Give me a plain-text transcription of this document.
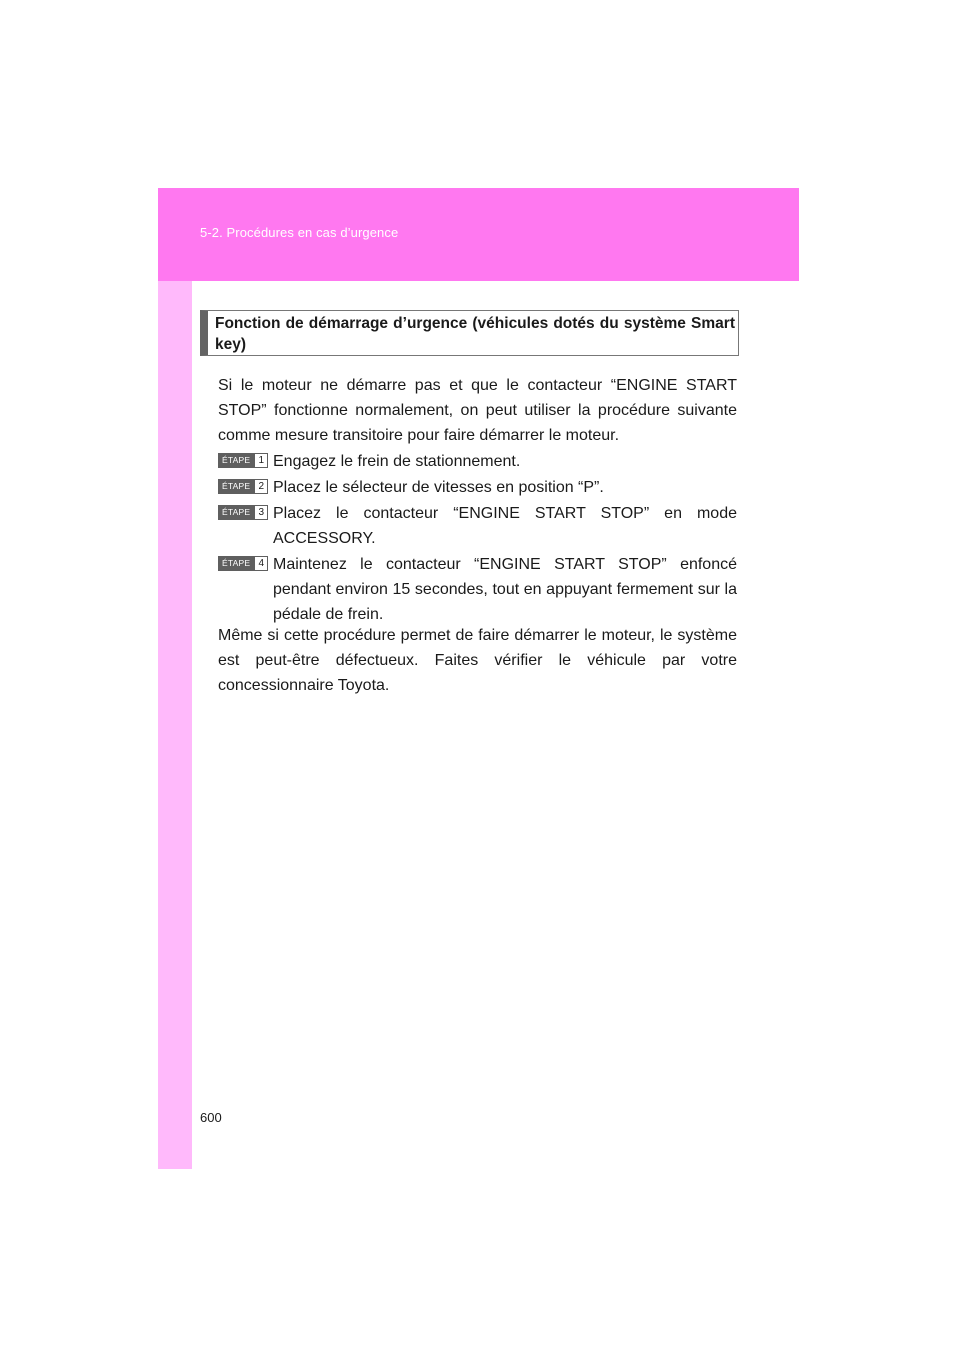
5-2. Procédures en cas d’urgence
Fonction de démarrage d’urgence (véhicules dotés du système Smart key)

Si le moteur ne démarre pas et que le contacteur “ENGINE START STOP” fonctionne normalement, on peut utiliser la procédure suivante comme mesure transitoire pour faire démarrer le moteur.

ÉTAPE 1 Engagez le frein de stationnement.
ÉTAPE 2 Placez le sélecteur de vitesses en position “P”.
ÉTAPE 3 Placez le contacteur “ENGINE START STOP” en mode ACCESSORY.
ÉTAPE 4 Maintenez le contacteur “ENGINE START STOP” enfoncé pendant environ 15 secondes, tout en appuyant fermement sur la pédale de frein.

Même si cette procédure permet de faire démarrer le moteur, le système est peut-être défectueux. Faites vérifier le véhicule par votre concessionnaire Toyota.

600
